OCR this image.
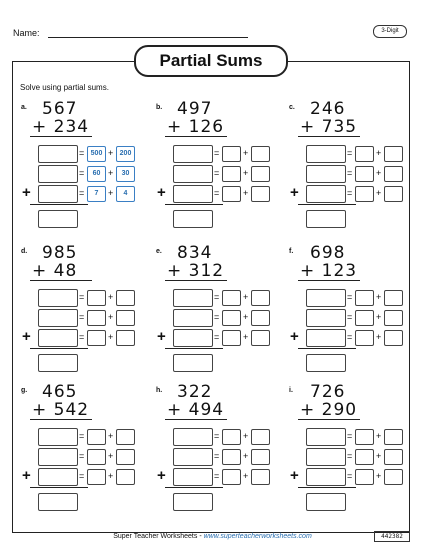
Name:	3-Digit
Partial Sums
Solve using partial sums.
a. 567
+ 234
= 500 + 200
=	60 +	30
=	7	+	4
+
b. 497
+ 126
=	+
=	+
=	+
+
c. 246
+ 735
=	+
=	+
=	+
+
d. 985
+ 48
=	+
=	+
=	+
+
e. 834
+ 312
=	+
=	+
=	+
+
f. 698
+ 123
=	+
=	+
=	+
+
g. 465
+ 542
=	+
=	+
=	+
+
h. 322
+ 494
=	+
=	+
=	+
+
i. 726
+ 290
=	+
=	+
=	+
+
Super Teacher Worksheets - www.superteacherworksheets.com	442382
